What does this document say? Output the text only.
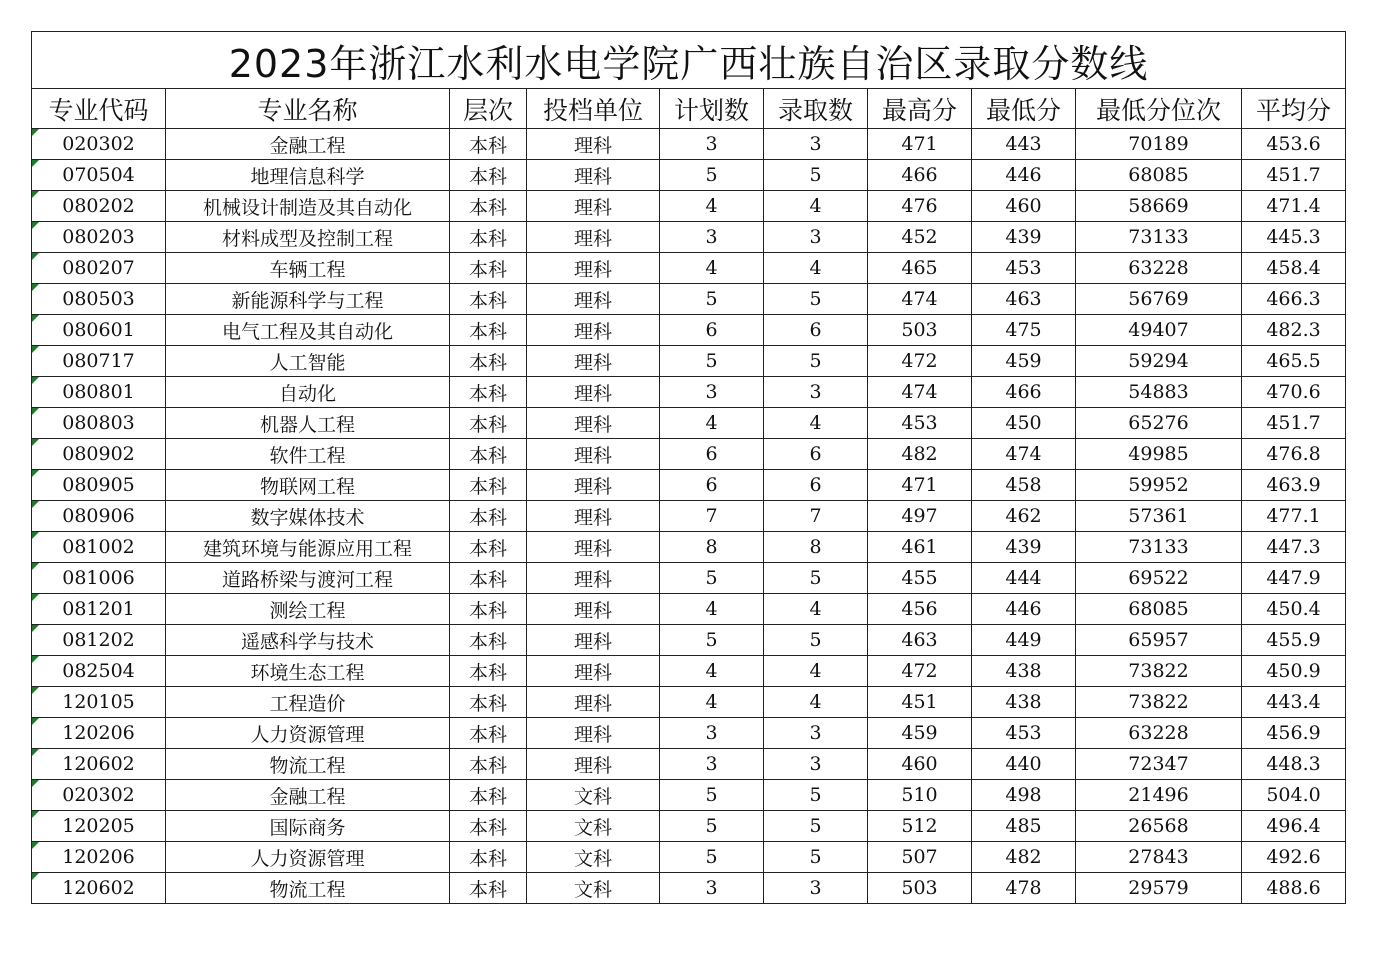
2023年浙江水利水电学院广西壮族自治区录取分数线									
专业代码	专业名称	层次	投档单位	计划数	录取数	最高分	最低分	最低分位次	平均分
020302	金融工程	本科	理科	3	3	471	443	70189	453.6
070504	地理信息科学	本科	理科	5	5	466	446	68085	451.7
080202	机械设计制造及其自动化	本科	理科	4	4	476	460	58669	471.4
080203	材料成型及控制工程	本科	理科	3	3	452	439	73133	445.3
080207	车辆工程	本科	理科	4	4	465	453	63228	458.4
080503	新能源科学与工程	本科	理科	5	5	474	463	56769	466.3
080601	电气工程及其自动化	本科	理科	6	6	503	475	49407	482.3
080717	人工智能	本科	理科	5	5	472	459	59294	465.5
080801	自动化	本科	理科	3	3	474	466	54883	470.6
080803	机器人工程	本科	理科	4	4	453	450	65276	451.7
080902	软件工程	本科	理科	6	6	482	474	49985	476.8
080905	物联网工程	本科	理科	6	6	471	458	59952	463.9
080906	数字媒体技术	本科	理科	7	7	497	462	57361	477.1
081002	建筑环境与能源应用工程	本科	理科	8	8	461	439	73133	447.3
081006	道路桥梁与渡河工程	本科	理科	5	5	455	444	69522	447.9
081201	测绘工程	本科	理科	4	4	456	446	68085	450.4
081202	遥感科学与技术	本科	理科	5	5	463	449	65957	455.9
082504	环境生态工程	本科	理科	4	4	472	438	73822	450.9
120105	工程造价	本科	理科	4	4	451	438	73822	443.4
120206	人力资源管理	本科	理科	3	3	459	453	63228	456.9
120602	物流工程	本科	理科	3	3	460	440	72347	448.3
020302	金融工程	本科	文科	5	5	510	498	21496	504.0
120205	国际商务	本科	文科	5	5	512	485	26568	496.4
120206	人力资源管理	本科	文科	5	5	507	482	27843	492.6
120602	物流工程	本科	文科	3	3	503	478	29579	488.6
